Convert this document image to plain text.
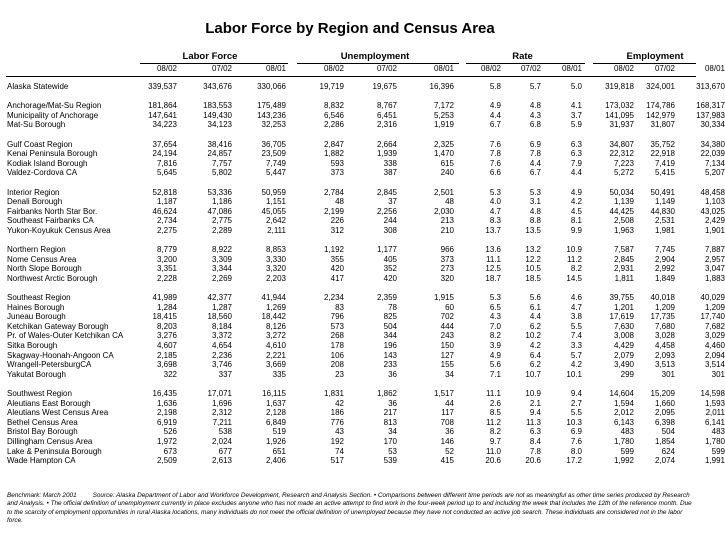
Labor Force by Region and Census Area
Labor Force	Unemployment	Rate	Employment
08/02	07/02	08/01	08/02	07/02	08/01	08/02	07/02	08/01	08/02	07/02	08/01
Alaska Statewide	339,537	343,676	330,066	19,719	19,675	16,396	5.8	5.7	5.0	319,818	324,001	313,670
Anchorage/Mat-Su Region	181,864	183,553	175,489	8,832	8,767	7,172	4.9	4.8	4.1	173,032	174,786	168,317
Municipality of Anchorage	147,641	149,430	143,236	6,546	6,451	5,253	4.4	4.3	3.7	141,095	142,979	137,983
Mat-Su Borough	34,223	34,123	32,253	2,286	2,316	1,919	6.7	6.8	5.9	31,937	31,807	30,334
Gulf Coast Region	37,654	38,416	36,705	2,847	2,664	2,325	7.6	6.9	6.3	34,807	35,752	34,380
Kenai Peninsula Borough	24,194	24,857	23,509	1,882	1,939	1,470	7.8	7.8	6.3	22,312	22,918	22,039
Kodiak Island Borough	7,816	7,757	7,749	593	338	615	7.6	4.4	7.9	7,223	7,419	7,134
Valdez-Cordova CA	5,645	5,802	5,447	373	387	240	6.6	6.7	4.4	5,272	5,415	5,207
Interior Region	52,818	53,336	50,959	2,784	2,845	2,501	5.3	5.3	4.9	50,034	50,491	48,458
Denali Borough	1,187	1,186	1,151	48	37	48	4.0	3.1	4.2	1,139	1,149	1,103
Fairbanks North Star Bor.	46,624	47,086	45,055	2,199	2,256	2,030	4.7	4.8	4.5	44,425	44,830	43,025
Southeast Fairbanks CA	2,734	2,775	2,642	226	244	213	8.3	8.8	8.1	2,508	2,531	2,429
Yukon-Koyukuk Census Area	2,275	2,289	2,111	312	308	210	13.7	13.5	9.9	1,963	1,981	1,901
Northern Region	8,779	8,922	8,853	1,192	1,177	966	13.6	13.2	10.9	7,587	7,745	7,887
Nome Census Area	3,200	3,309	3,330	355	405	373	11.1	12.2	11.2	2,845	2,904	2,957
North Slope Borough	3,351	3,344	3,320	420	352	273	12.5	10.5	8.2	2,931	2,992	3,047
Northwest Arctic Borough	2,228	2,269	2,203	417	420	320	18.7	18.5	14.5	1,811	1,849	1,883
Southeast Region	41,989	42,377	41,944	2,234	2,359	1,915	5.3	5.6	4.6	39,755	40,018	40,029
Haines Borough	1,284	1,287	1,269	83	78	60	6.5	6.1	4.7	1,201	1,209	1,209
Juneau Borough	18,415	18,560	18,442	796	825	702	4.3	4.4	3.8	17,619	17,735	17,740
Ketchikan Gateway Borough	8,203	8,184	8,126	573	504	444	7.0	6.2	5.5	7,630	7,680	7,682
Pr. of Wales-Outer Ketchikan CA	3,276	3,372	3,272	268	344	243	8.2	10.2	7.4	3,008	3,028	3,029
Sitka Borough	4,607	4,654	4,610	178	196	150	3.9	4.2	3.3	4,429	4,458	4,460
Skagway-Hoonah-Angoon CA	2,185	2,236	2,221	106	143	127	4.9	6.4	5.7	2,079	2,093	2,094
Wrangell-PetersburgCA	3,698	3,746	3,669	208	233	155	5.6	6.2	4.2	3,490	3,513	3,514
Yakutat Borough	322	337	335	23	36	34	7.1	10.7	10.1	299	301	301
Southwest Region	16,435	17,071	16,115	1,831	1,862	1,517	11.1	10.9	9.4	14,604	15,209	14,598
Aleutians East Borough	1,636	1,696	1,637	42	36	44	2.6	2.1	2.7	1,594	1,660	1,593
Aleutians West Census Area	2,198	2,312	2,128	186	217	117	8.5	9.4	5.5	2,012	2,095	2,011
Bethel Census Area	6,919	7,211	6,849	776	813	708	11.2	11.3	10.3	6,143	6,398	6,141
Bristol Bay Borough	526	538	519	43	34	36	8.2	6.3	6.9	483	504	483
Dillingham Census Area	1,972	2,024	1,926	192	170	146	9.7	8.4	7.6	1,780	1,854	1,780
Lake & Peninsula Borough	673	677	651	74	53	52	11.0	7.8	8.0	599	624	599
Wade Hampton CA	2,509	2,613	2,406	517	539	415	20.6	20.6	17.2	1,992	2,074	1,991
Benchmark: March 2001 Source: Alaska Department of Labor and Workforce Development, Research and Analysis Section. • Comparisons between different time periods are not as meaningful as other time series produced by Research and Analysis. • The official definition of unemployment currently in place excludes anyone who has not made an active attempt to find work in the four-week period up to and including the week that includes the 12th of the reference month. Due to the scarcity of employment opportunities in rural Alaska locations, many individuals do not meet the official definition of unemployed because they have not conducted an active job search. These individuals are considered not in the labor force.
